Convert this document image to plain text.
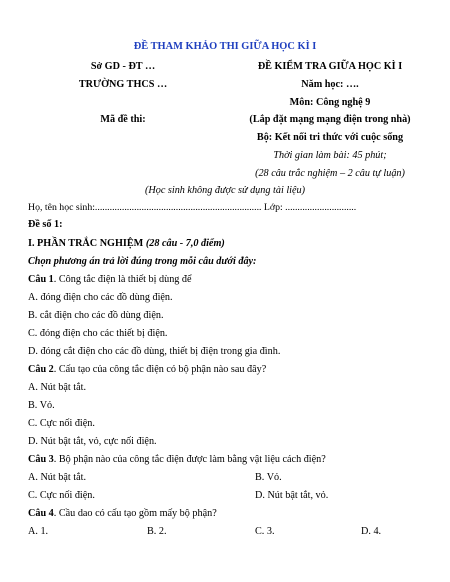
ĐỀ THAM KHẢO THI GIỮA HỌC KÌ I
Sở GD - ĐT …	ĐỀ KIỂM TRA GIỮA HỌC KÌ I
TRƯỜNG THCS …	Năm học: ….
Môn: Công nghệ 9
Mã đề thi:	(Lắp đặt mạng mạng điện trong nhà)
Bộ: Kết nối tri thức với cuộc sống
Thời gian làm bài: 45 phút;
(28 câu trắc nghiệm – 2 câu tự luận)
(Học sinh không được sử dụng tài liệu)
Họ, tên học sinh:.................................................................... Lớp: .............................
Đề số 1:
I. PHẦN TRẮC NGHIỆM (28 câu - 7,0 điểm)
Chọn phương án trả lời đúng trong mỗi câu dưới đây:
Câu 1. Công tắc điện là thiết bị dùng để
A. đóng điện cho các đồ dùng điện.
B. cắt điện cho các đồ dùng điện.
C. đóng điện cho các thiết bị điện.
D. đóng cắt điện cho các đồ dùng, thiết bị điện trong gia đình.
Câu 2. Cấu tạo của công tắc điện có bộ phận nào sau đây?
A. Nút bật tắt.
B. Vỏ.
C. Cực nối điện.
D. Nút bật tắt, vỏ, cực nối điện.
Câu 3. Bộ phận nào của công tắc điện được làm bằng vật liệu cách điện?
A. Nút bật tắt.	B. Vỏ.
C. Cực nối điện.	D. Nút bật tắt, vỏ.
Câu 4. Cầu dao có cấu tạo gồm mấy bộ phận?
A. 1.	B. 2.	C. 3.	D. 4.
